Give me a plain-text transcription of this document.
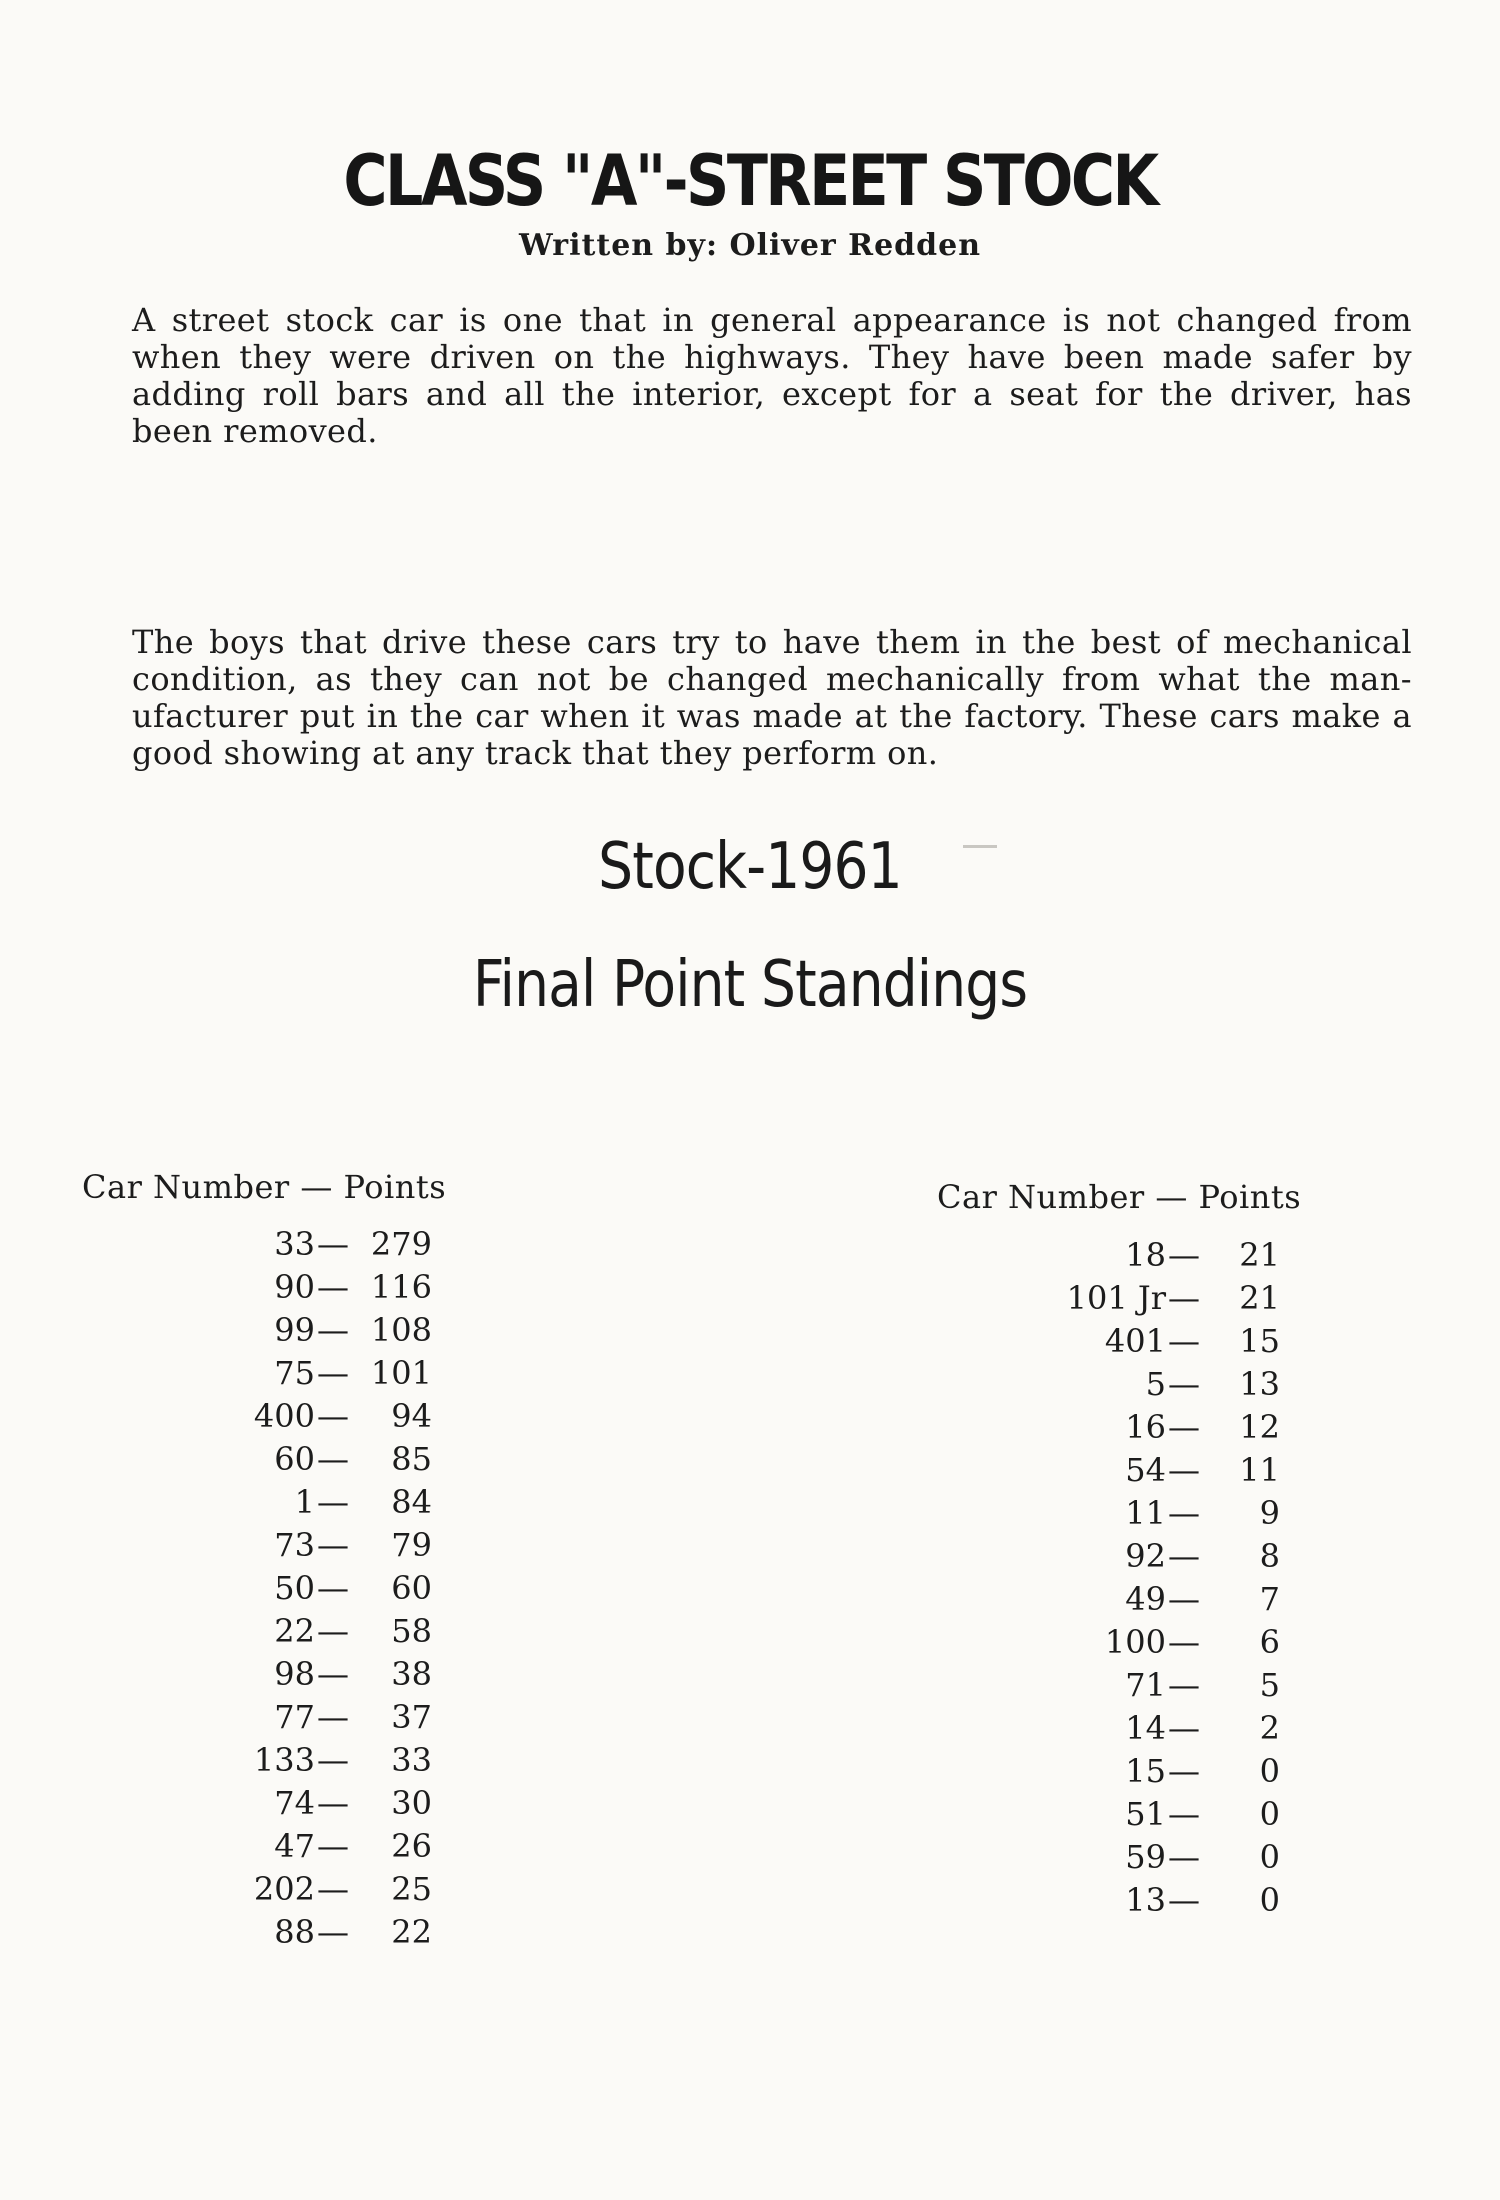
CLASS "A"-STREET STOCK
Written by: Oliver Redden
A street stock car is one that in general appearance is not changed from when they were driven on the highways. They have been made safer by adding roll bars and all the interior, except for a seat for the driver, has been removed.
The boys that drive these cars try to have them in the best of mechanical condition, as they can not be changed mechanically from what the man-ufacturer put in the car when it was made at the factory. These cars make a good showing at any track that they perform on.
Stock-1961
Final Point Standings
Car Number — Points	Car Number — Points
33 — 279
90 — 116
99 — 108
75 — 101
400 — 94
60 — 85
1 — 84
73 — 79
50 — 60
22 — 58
98 — 38
77 — 37
133 — 33
74 — 30
47 — 26
202 — 25
88 — 22
18 — 21
101 Jr — 21
401 — 15
5 — 13
16 — 12
54 — 11
11 — 9
92 — 8
49 — 7
100 — 6
71 — 5
14 — 2
15 — 0
51 — 0
59 — 0
13 — 0
